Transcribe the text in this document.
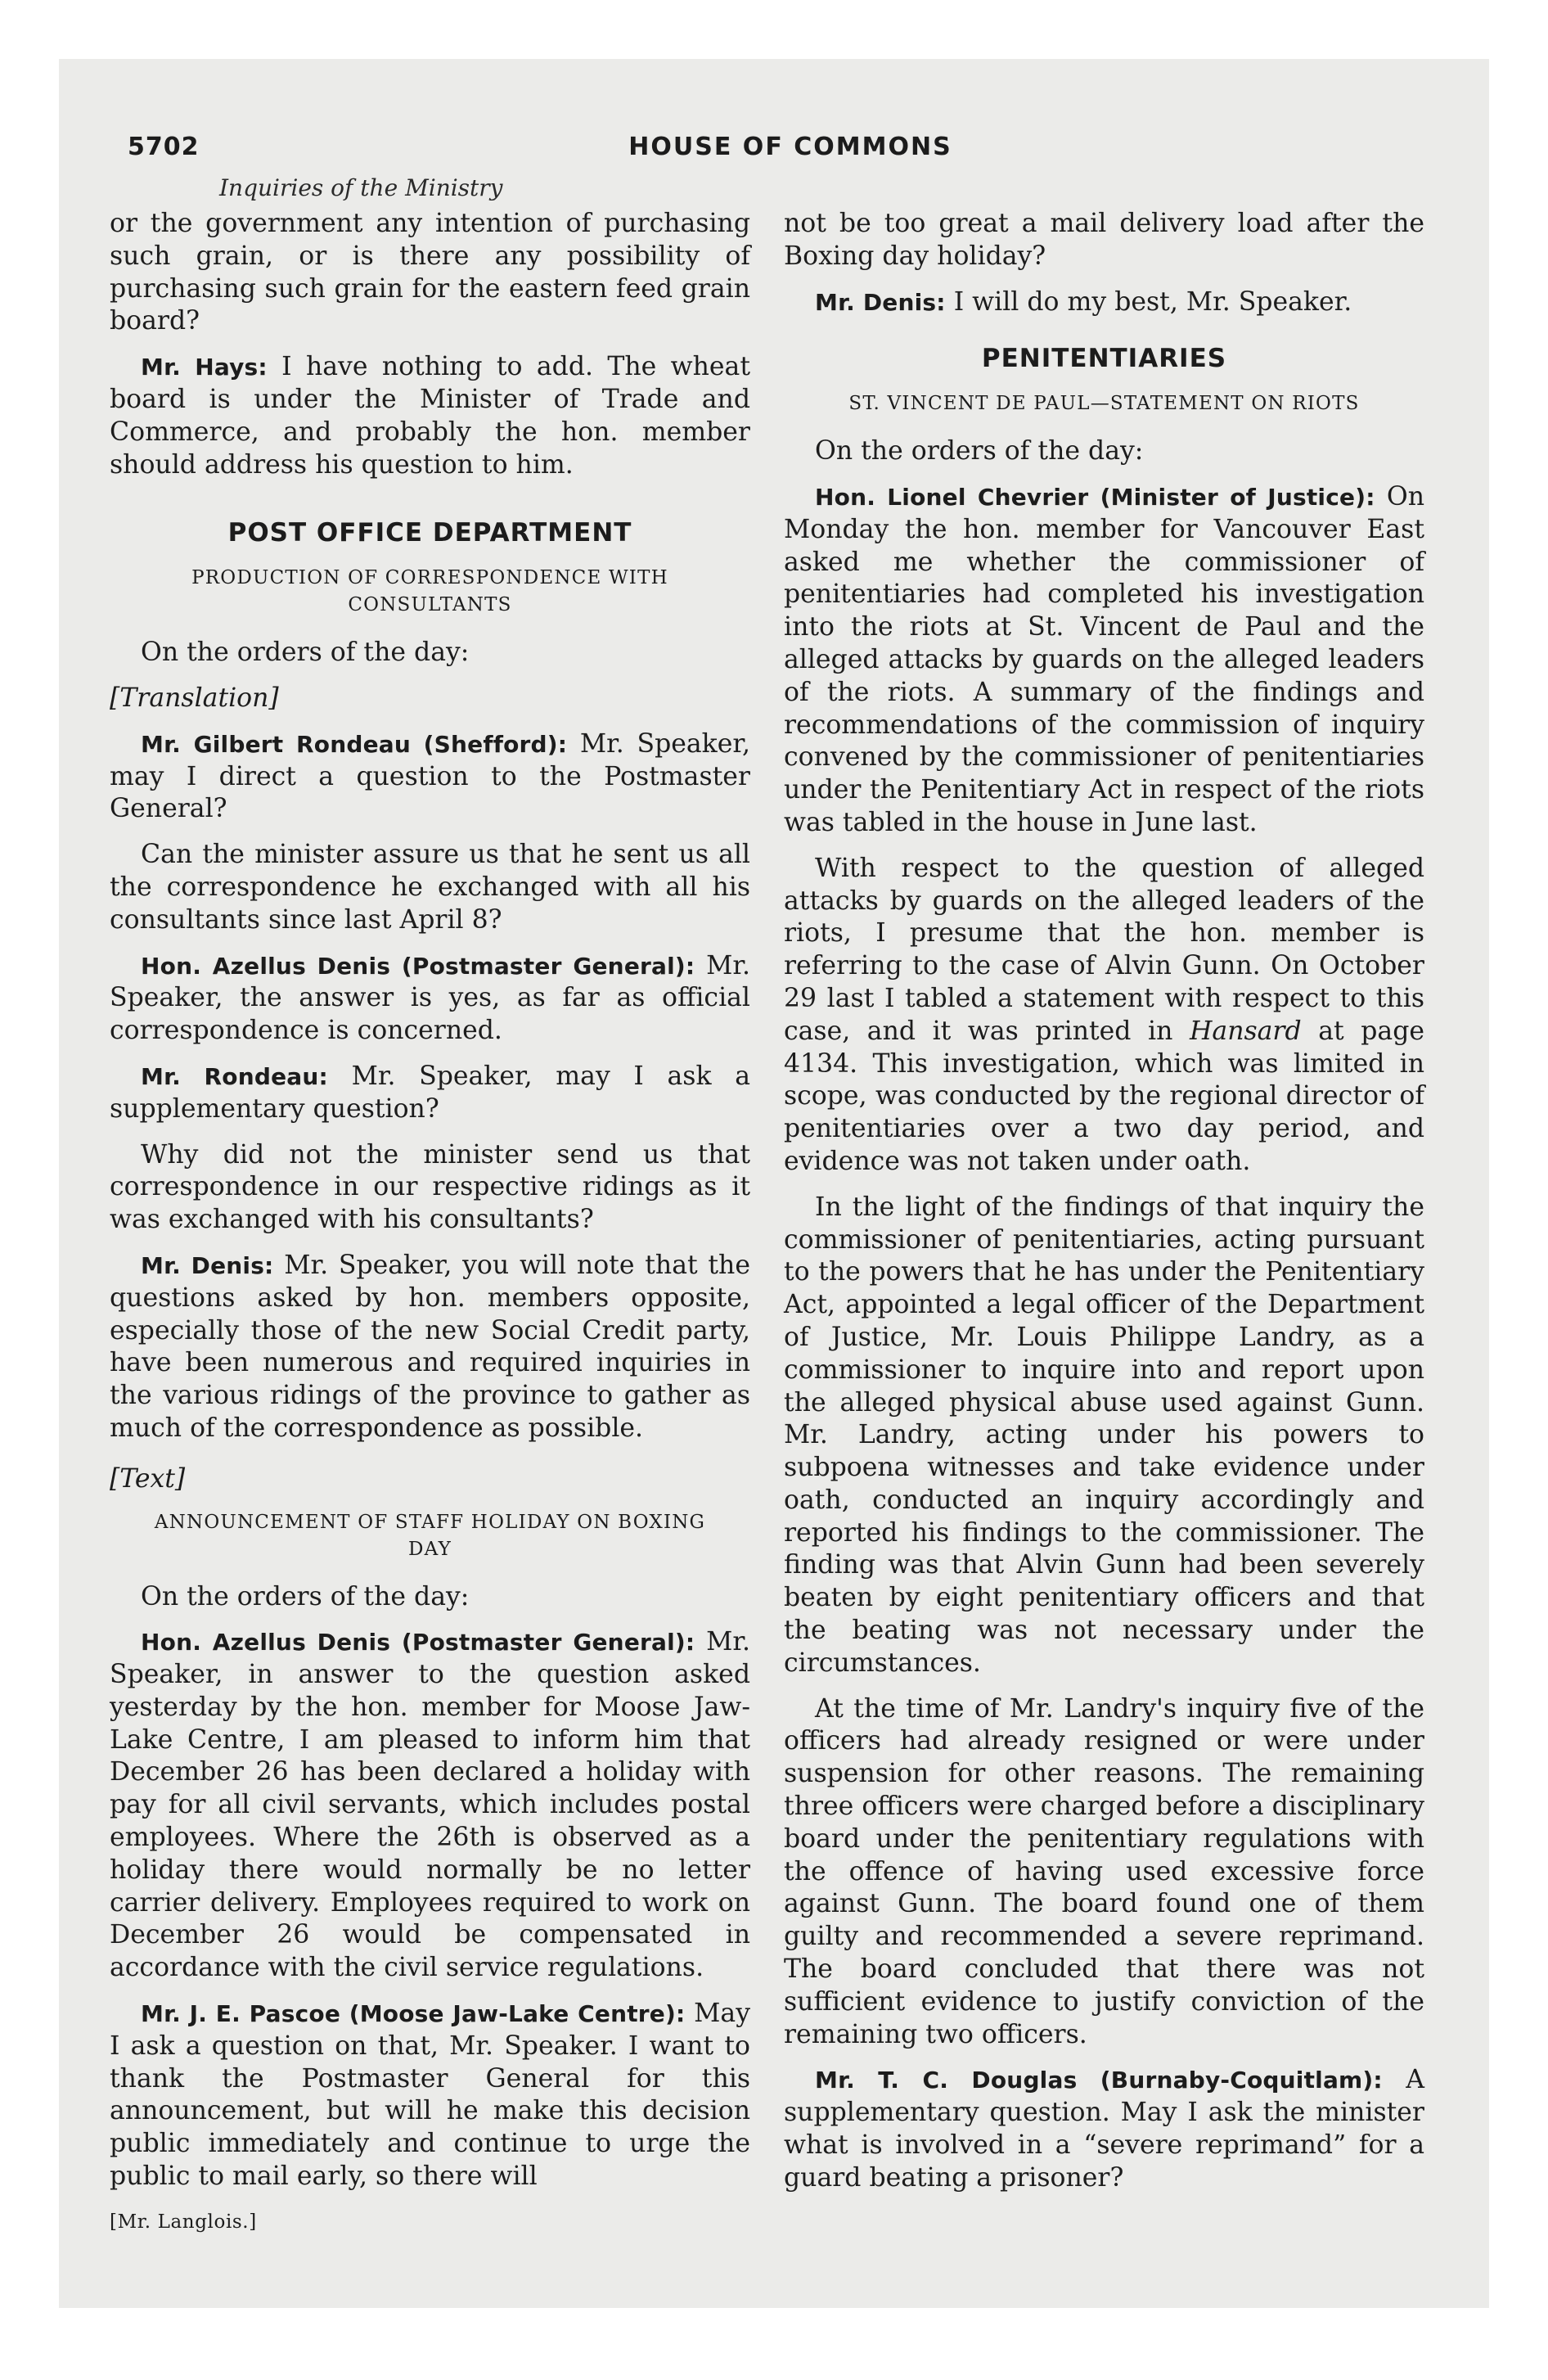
5702	HOUSE OF COMMONS
Inquiries of the Ministry

or the government any intention of purchasing such grain, or is there any possibility of purchasing such grain for the eastern feed grain board?

Mr. Hays: I have nothing to add. The wheat board is under the Minister of Trade and Commerce, and probably the hon. member should address his question to him.

POST OFFICE DEPARTMENT
PRODUCTION OF CORRESPONDENCE WITH CONSULTANTS

On the orders of the day:

[Translation]

Mr. Gilbert Rondeau (Shefford): Mr. Speaker, may I direct a question to the Postmaster General?

Can the minister assure us that he sent us all the correspondence he exchanged with all his consultants since last April 8?

Hon. Azellus Denis (Postmaster General): Mr. Speaker, the answer is yes, as far as official correspondence is concerned.

Mr. Rondeau: Mr. Speaker, may I ask a supplementary question?

Why did not the minister send us that correspondence in our respective ridings as it was exchanged with his consultants?

Mr. Denis: Mr. Speaker, you will note that the questions asked by hon. members opposite, especially those of the new Social Credit party, have been numerous and required inquiries in the various ridings of the province to gather as much of the correspondence as possible.

[Text]

ANNOUNCEMENT OF STAFF HOLIDAY ON BOXING DAY

On the orders of the day:

Hon. Azellus Denis (Postmaster General): Mr. Speaker, in answer to the question asked yesterday by the hon. member for Moose Jaw-Lake Centre, I am pleased to inform him that December 26 has been declared a holiday with pay for all civil servants, which includes postal employees. Where the 26th is observed as a holiday there would normally be no letter carrier delivery. Employees required to work on December 26 would be compensated in accordance with the civil service regulations.

Mr. J. E. Pascoe (Moose Jaw-Lake Centre): May I ask a question on that, Mr. Speaker. I want to thank the Postmaster General for this announcement, but will he make this decision public immediately and continue to urge the public to mail early, so there will

[Mr. Langlois.]

not be too great a mail delivery load after the Boxing day holiday?

Mr. Denis: I will do my best, Mr. Speaker.

PENITENTIARIES
ST. VINCENT DE PAUL—STATEMENT ON RIOTS

On the orders of the day:

Hon. Lionel Chevrier (Minister of Justice): On Monday the hon. member for Vancouver East asked me whether the commissioner of penitentiaries had completed his investigation into the riots at St. Vincent de Paul and the alleged attacks by guards on the alleged leaders of the riots. A summary of the findings and recommendations of the commission of inquiry convened by the commissioner of penitentiaries under the Penitentiary Act in respect of the riots was tabled in the house in June last.

With respect to the question of alleged attacks by guards on the alleged leaders of the riots, I presume that the hon. member is referring to the case of Alvin Gunn. On October 29 last I tabled a statement with respect to this case, and it was printed in Hansard at page 4134. This investigation, which was limited in scope, was conducted by the regional director of penitentiaries over a two day period, and evidence was not taken under oath.

In the light of the findings of that inquiry the commissioner of penitentiaries, acting pursuant to the powers that he has under the Penitentiary Act, appointed a legal officer of the Department of Justice, Mr. Louis Philippe Landry, as a commissioner to inquire into and report upon the alleged physical abuse used against Gunn. Mr. Landry, acting under his powers to subpoena witnesses and take evidence under oath, conducted an inquiry accordingly and reported his findings to the commissioner. The finding was that Alvin Gunn had been severely beaten by eight penitentiary officers and that the beating was not necessary under the circumstances.

At the time of Mr. Landry's inquiry five of the officers had already resigned or were under suspension for other reasons. The remaining three officers were charged before a disciplinary board under the penitentiary regulations with the offence of having used excessive force against Gunn. The board found one of them guilty and recommended a severe reprimand. The board concluded that there was not sufficient evidence to justify conviction of the remaining two officers.

Mr. T. C. Douglas (Burnaby-Coquitlam): A supplementary question. May I ask the minister what is involved in a “severe reprimand” for a guard beating a prisoner?
